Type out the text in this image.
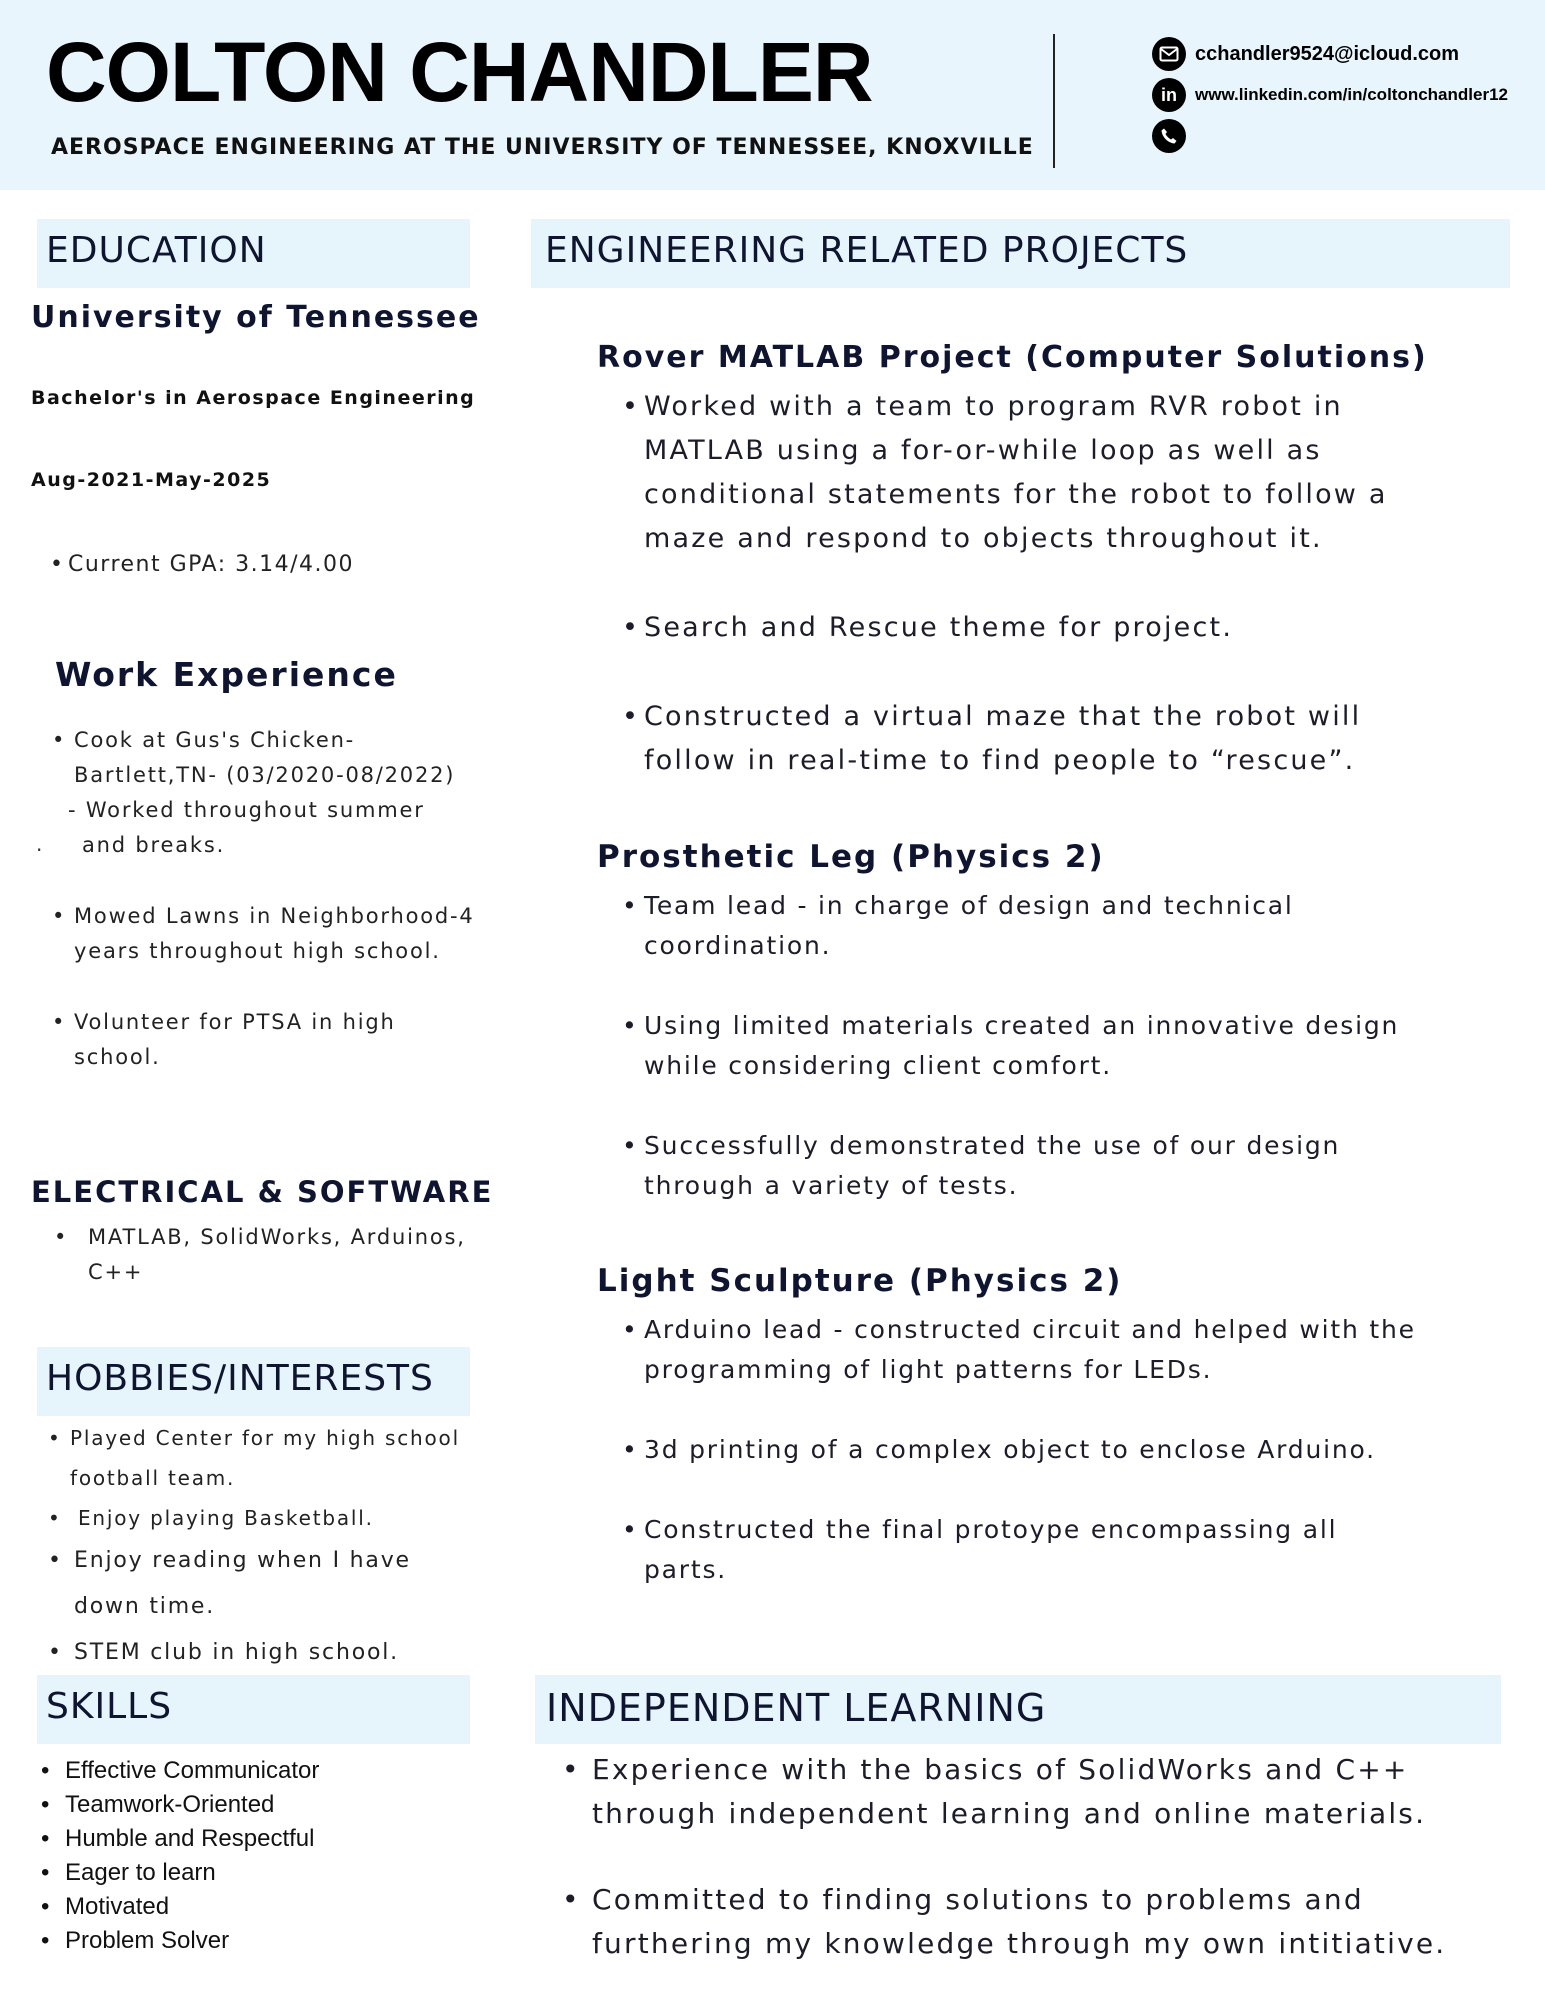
COLTON CHANDLER
AEROSPACE ENGINEERING AT THE UNIVERSITY OF TENNESSEE, KNOXVILLE
cchandler9524@icloud.com
in www.linkedin.com/in/coltonchandler12
EDUCATION
University of Tennessee
Bachelor's in Aerospace Engineering
Aug-2021-May-2025
• Current GPA: 3.14/4.00
Work Experience
• Cook at Gus's Chicken-Bartlett,TN- (03/2020-08/2022)
- Worked throughout summer
and breaks.
• Mowed Lawns in Neighborhood-4 years throughout high school.
• Volunteer for PTSA in high school.
.
ELECTRICAL & SOFTWARE
• MATLAB, SolidWorks, Arduinos, C++
HOBBIES/INTERESTS
• Played Center for my high school football team.
• Enjoy playing Basketball.
• Enjoy reading when I have down time.
• STEM club in high school.
SKILLS
• Effective Communicator
• Teamwork-Oriented
• Humble and Respectful
• Eager to learn
• Motivated
• Problem Solver
ENGINEERING RELATED PROJECTS
Rover MATLAB Project (Computer Solutions)
• Worked with a team to program RVR robot in MATLAB using a for-or-while loop as well as conditional statements for the robot to follow a maze and respond to objects throughout it.
• Search and Rescue theme for project.
• Constructed a virtual maze that the robot will follow in real-time to find people to “rescue”.
Prosthetic Leg (Physics 2)
• Team lead - in charge of design and technical coordination.
• Using limited materials created an innovative design while considering client comfort.
• Successfully demonstrated the use of our design through a variety of tests.
Light Sculpture (Physics 2)
• Arduino lead - constructed circuit and helped with the programming of light patterns for LEDs.
• 3d printing of a complex object to enclose Arduino.
• Constructed the final protoype encompassing all parts.
INDEPENDENT LEARNING
• Experience with the basics of SolidWorks and C++ through independent learning and online materials.
• Committed to finding solutions to problems and furthering my knowledge through my own intitiative.
